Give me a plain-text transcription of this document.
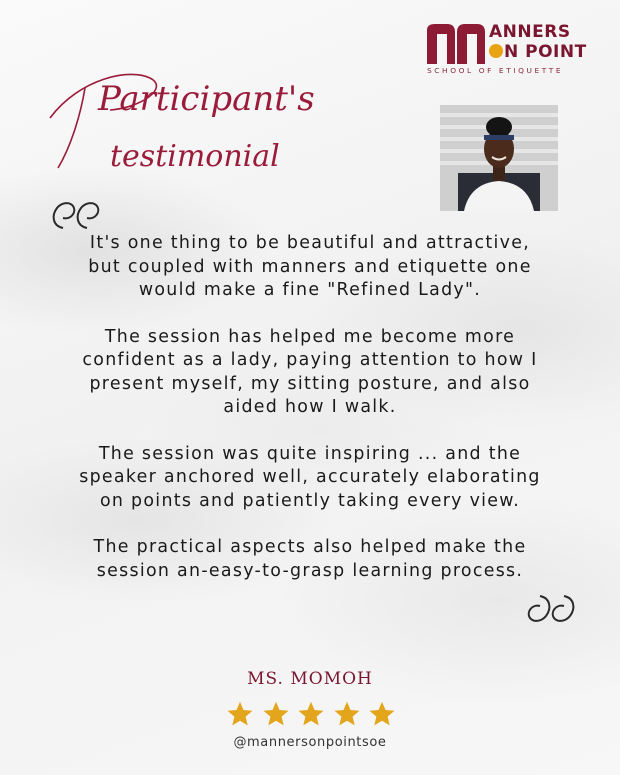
Participant's
testimonial
ANNERS
N POINT
SCHOOL OF ETIQUETTE

It's one thing to be beautiful and attractive,
but coupled with manners and etiquette one
would make a fine "Refined Lady".

The session has helped me become more
confident as a lady, paying attention to how I
present myself, my sitting posture, and also
aided how I walk.

The session was quite inspiring ... and the
speaker anchored well, accurately elaborating
on points and patiently taking every view.

The practical aspects also helped make the
session an-easy-to-grasp learning process.

MS. MOMOH
@mannersonpointsoe
